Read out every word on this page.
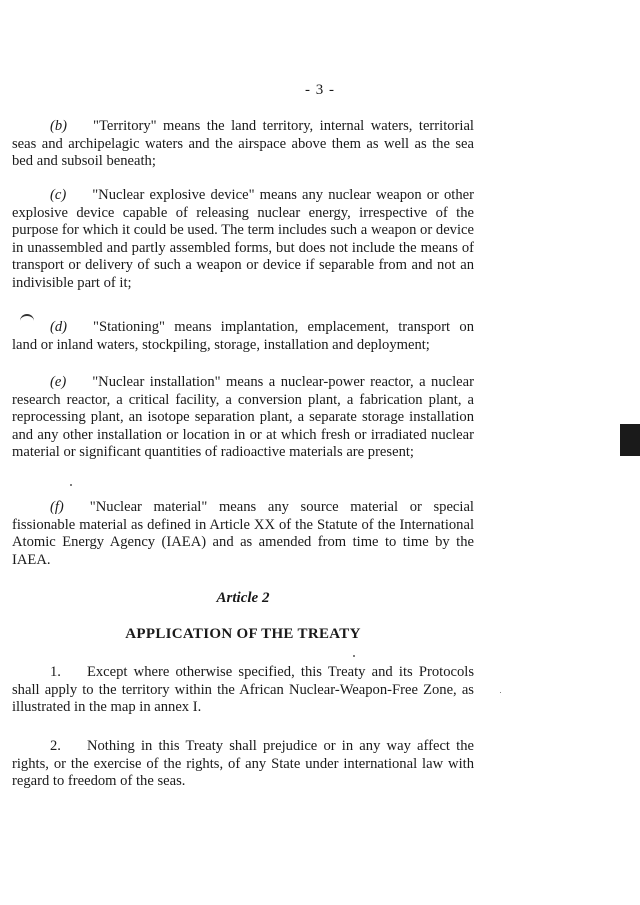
- 3 -

(b) "Territory" means the land territory, internal waters, territorial seas and archipelagic waters and the airspace above them as well as the sea bed and subsoil beneath;

(c) "Nuclear explosive device" means any nuclear weapon or other explosive device capable of releasing nuclear energy, irrespective of the purpose for which it could be used. The term includes such a weapon or device in unassembled and partly assembled forms, but does not include the means of transport or delivery of such a weapon or device if separable from and not an indivisible part of it;

(d) "Stationing" means implantation, emplacement, transport on land or inland waters, stockpiling, storage, installation and deployment;

(e) "Nuclear installation" means a nuclear-power reactor, a nuclear research reactor, a critical facility, a conversion plant, a fabrication plant, a reprocessing plant, an isotope separation plant, a separate storage installation and any other installation or location in or at which fresh or irradiated nuclear material or significant quantities of radioactive materials are present;

(f) "Nuclear material" means any source material or special fissionable material as defined in Article XX of the Statute of the International Atomic Energy Agency (IAEA) and as amended from time to time by the IAEA.

Article 2
APPLICATION OF THE TREATY

1. Except where otherwise specified, this Treaty and its Protocols shall apply to the territory within the African Nuclear-Weapon-Free Zone, as illustrated in the map in annex I.

2. Nothing in this Treaty shall prejudice or in any way affect the rights, or the exercise of the rights, of any State under international law with regard to freedom of the seas.
